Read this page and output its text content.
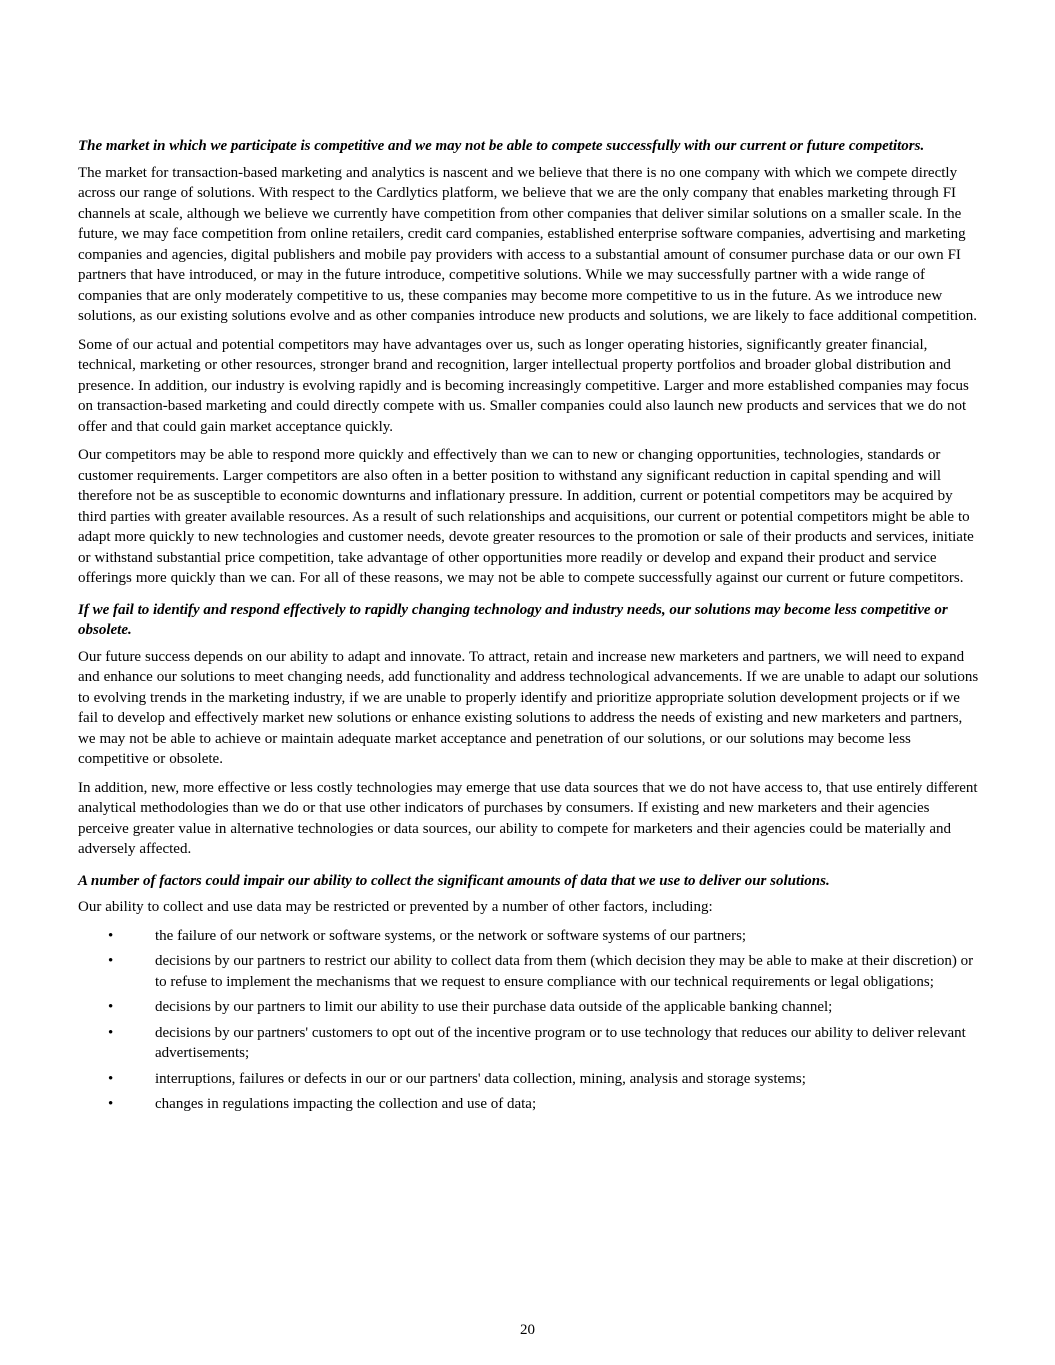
The market in which we participate is competitive and we may not be able to compete successfully with our current or future competitors.

The market for transaction-based marketing and analytics is nascent and we believe that there is no one company with which we compete directly across our range of solutions. With respect to the Cardlytics platform, we believe that we are the only company that enables marketing through FI channels at scale, although we believe we currently have competition from other companies that deliver similar solutions on a smaller scale. In the future, we may face competition from online retailers, credit card companies, established enterprise software companies, advertising and marketing companies and agencies, digital publishers and mobile pay providers with access to a substantial amount of consumer purchase data or our own FI partners that have introduced, or may in the future introduce, competitive solutions. While we may successfully partner with a wide range of companies that are only moderately competitive to us, these companies may become more competitive to us in the future. As we introduce new solutions, as our existing solutions evolve and as other companies introduce new products and solutions, we are likely to face additional competition.

Some of our actual and potential competitors may have advantages over us, such as longer operating histories, significantly greater financial, technical, marketing or other resources, stronger brand and recognition, larger intellectual property portfolios and broader global distribution and presence. In addition, our industry is evolving rapidly and is becoming increasingly competitive. Larger and more established companies may focus on transaction-based marketing and could directly compete with us. Smaller companies could also launch new products and services that we do not offer and that could gain market acceptance quickly.

Our competitors may be able to respond more quickly and effectively than we can to new or changing opportunities, technologies, standards or customer requirements. Larger competitors are also often in a better position to withstand any significant reduction in capital spending and will therefore not be as susceptible to economic downturns and inflationary pressure. In addition, current or potential competitors may be acquired by third parties with greater available resources. As a result of such relationships and acquisitions, our current or potential competitors might be able to adapt more quickly to new technologies and customer needs, devote greater resources to the promotion or sale of their products and services, initiate or withstand substantial price competition, take advantage of other opportunities more readily or develop and expand their product and service offerings more quickly than we can. For all of these reasons, we may not be able to compete successfully against our current or future competitors.

If we fail to identify and respond effectively to rapidly changing technology and industry needs, our solutions may become less competitive or obsolete.

Our future success depends on our ability to adapt and innovate. To attract, retain and increase new marketers and partners, we will need to expand and enhance our solutions to meet changing needs, add functionality and address technological advancements. If we are unable to adapt our solutions to evolving trends in the marketing industry, if we are unable to properly identify and prioritize appropriate solution development projects or if we fail to develop and effectively market new solutions or enhance existing solutions to address the needs of existing and new marketers and partners, we may not be able to achieve or maintain adequate market acceptance and penetration of our solutions, or our solutions may become less competitive or obsolete.

In addition, new, more effective or less costly technologies may emerge that use data sources that we do not have access to, that use entirely different analytical methodologies than we do or that use other indicators of purchases by consumers. If existing and new marketers and their agencies perceive greater value in alternative technologies or data sources, our ability to compete for marketers and their agencies could be materially and adversely affected.

A number of factors could impair our ability to collect the significant amounts of data that we use to deliver our solutions.

Our ability to collect and use data may be restricted or prevented by a number of other factors, including:

•	the failure of our network or software systems, or the network or software systems of our partners;
•	decisions by our partners to restrict our ability to collect data from them (which decision they may be able to make at their discretion) or to refuse to implement the mechanisms that we request to ensure compliance with our technical requirements or legal obligations;
•	decisions by our partners to limit our ability to use their purchase data outside of the applicable banking channel;
•	decisions by our partners' customers to opt out of the incentive program or to use technology that reduces our ability to deliver relevant advertisements;
•	interruptions, failures or defects in our or our partners' data collection, mining, analysis and storage systems;
•	changes in regulations impacting the collection and use of data;
20
